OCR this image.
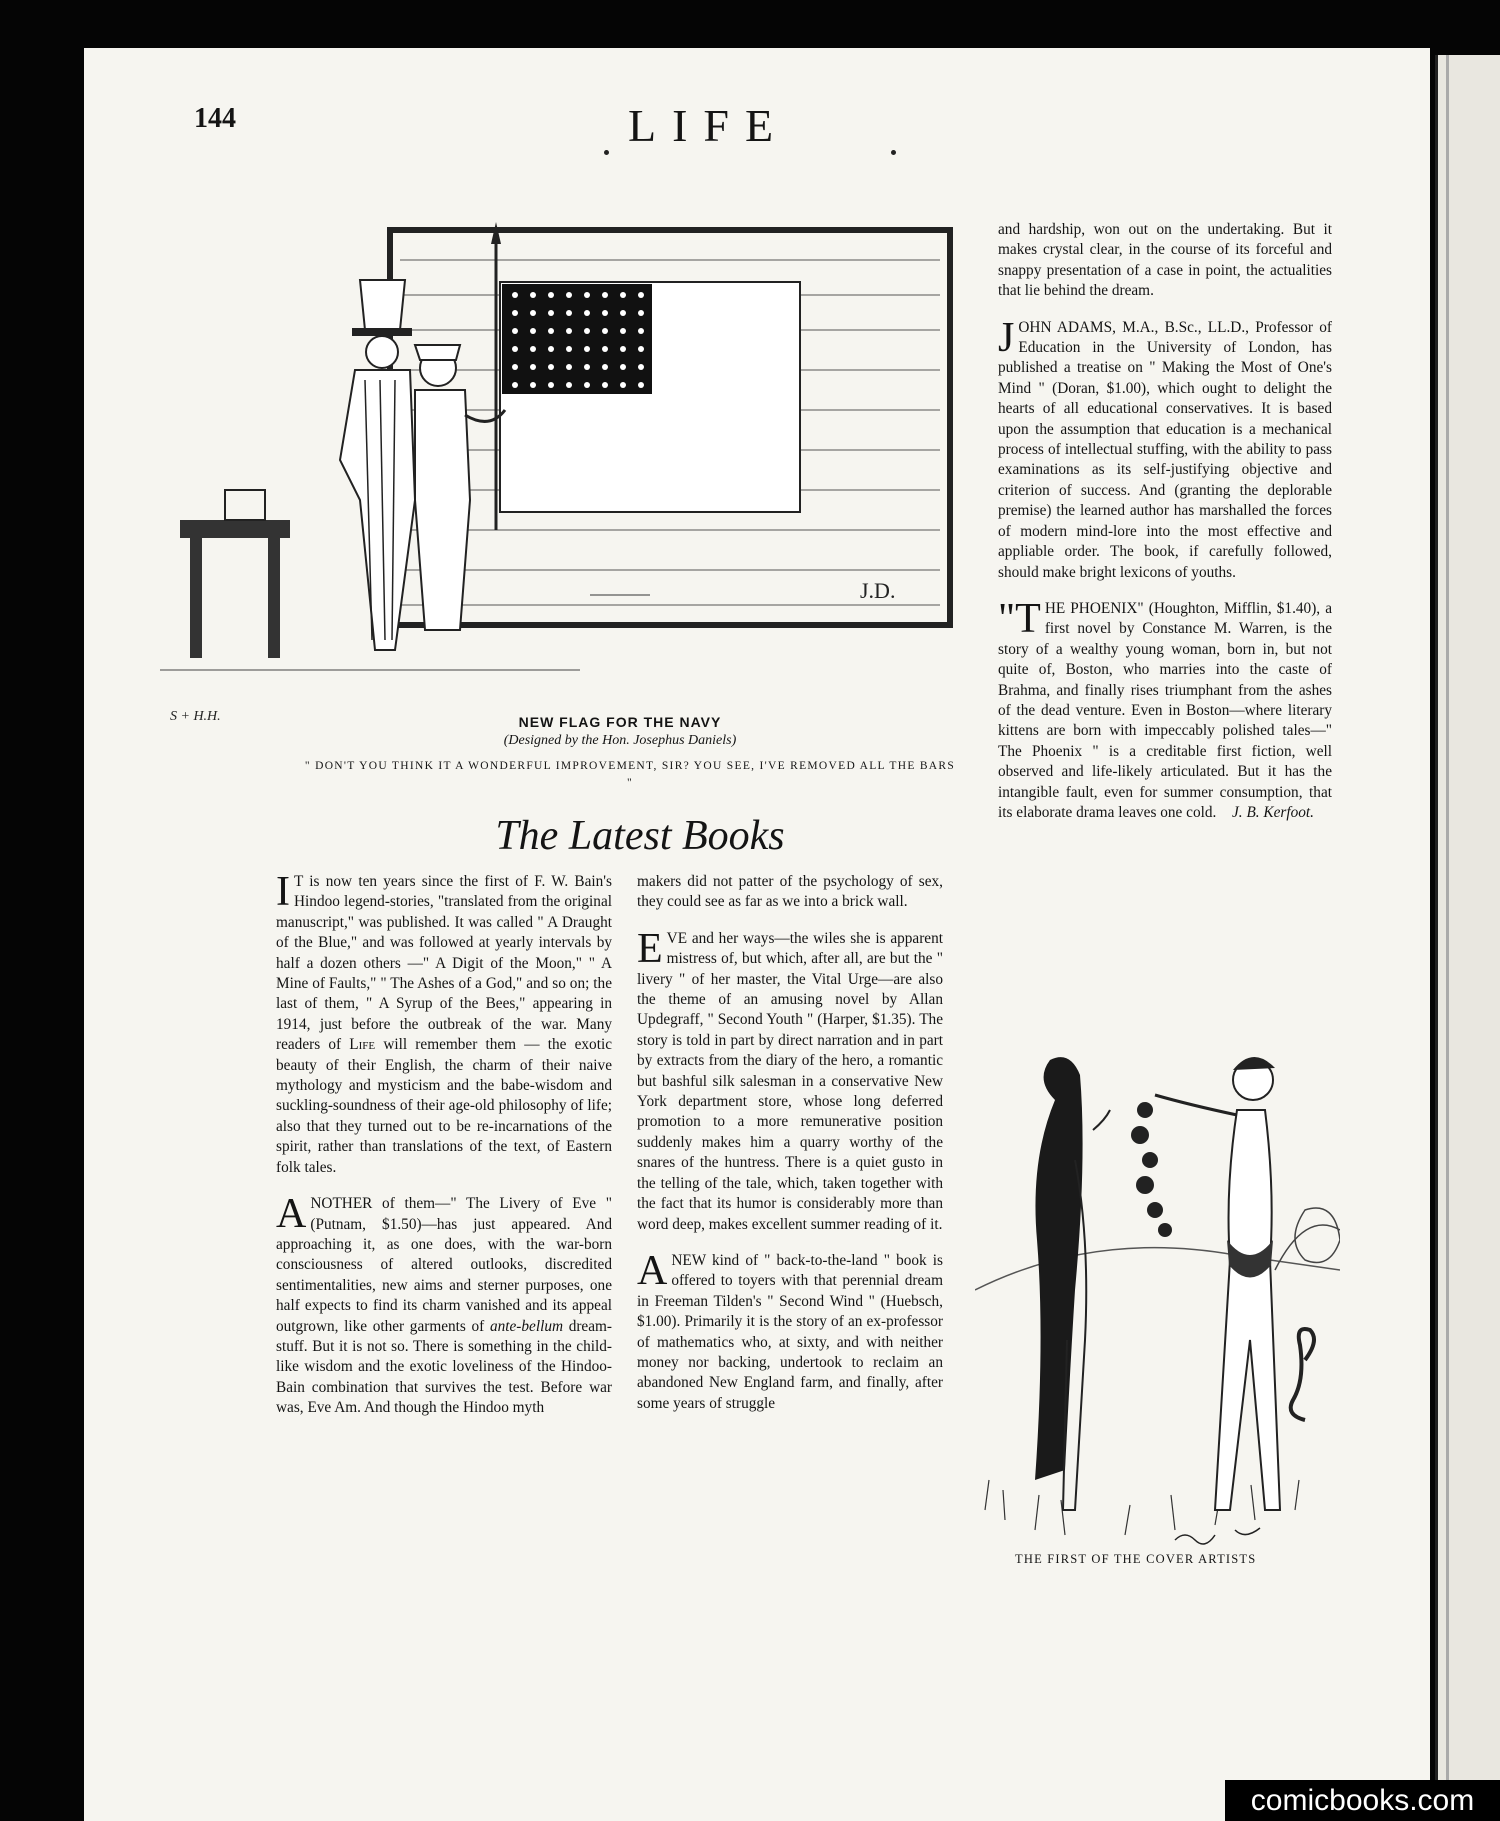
144	LIFE
J.D.
S + H.H.	NEW FLAG FOR THE NAVY
(Designed by the Hon. Josephus Daniels)
" DON'T YOU THINK IT A WONDERFUL IMPROVEMENT, SIR? YOU SEE, I'VE REMOVED ALL THE BARS "
The Latest Books

I T is now ten years since the first of F. W. Bain's Hindoo legend-stories, "translated from the original manuscript," was published. It was called " A Draught of the Blue," and was followed at yearly intervals by half a dozen others —" A Digit of the Moon," " A Mine of Faults," " The Ashes of a God," and so on; the last of them, " A Syrup of the Bees," appearing in 1914, just before the outbreak of the war. Many readers of Life will remember them — the exotic beauty of their English, the charm of their naive mythology and mysticism and the babe-wisdom and suckling-soundness of their age-old philosophy of life; also that they turned out to be re-incarnations of the spirit, rather than translations of the text, of Eastern folk tales.

ANOTHER of them—" The Livery of Eve " (Putnam, $1.50)—has just appeared. And approaching it, as one does, with the war-born consciousness of altered outlooks, discredited sentimentalities, new aims and sterner purposes, one half expects to find its charm vanished and its appeal outgrown, like other garments of ante-bellum dream-stuff. But it is not so. There is something in the child-like wisdom and the exotic loveliness of the Hindoo-Bain combination that survives the test. Before war was, Eve Am. And though the Hindoo myth

makers did not patter of the psychology of sex, they could see as far as we into a brick wall.

EVE and her ways—the wiles she is apparent mistress of, but which, after all, are but the " livery " of her master, the Vital Urge—are also the theme of an amusing novel by Allan Updegraff, " Second Youth " (Harper, $1.35). The story is told in part by direct narration and in part by extracts from the diary of the hero, a romantic but bashful silk salesman in a conservative New York department store, whose long deferred promotion to a more remunerative position suddenly makes him a quarry worthy of the snares of the huntress. There is a quiet gusto in the telling of the tale, which, taken together with the fact that its humor is considerably more than word deep, makes excellent summer reading of it.

ANEW kind of " back-to-the-land " book is offered to toyers with that perennial dream in Freeman Tilden's " Second Wind " (Huebsch, $1.00). Primarily it is the story of an ex-professor of mathematics who, at sixty, and with neither money nor backing, undertook to reclaim an abandoned New England farm, and finally, after some years of struggle

and hardship, won out on the undertaking. But it makes crystal clear, in the course of its forceful and snappy presentation of a case in point, the actualities that lie behind the dream.

JOHN ADAMS, M.A., B.Sc., LL.D., Professor of Education in the University of London, has published a treatise on " Making the Most of One's Mind " (Doran, $1.00), which ought to delight the hearts of all educational conservatives. It is based upon the assumption that education is a mechanical process of intellectual stuffing, with the ability to pass examinations as its self-justifying objective and criterion of success. And (granting the deplorable premise) the learned author has marshalled the forces of modern mind-lore into the most effective and appliable order. The book, if carefully followed, should make bright lexicons of youths.

"THE PHOENIX" (Houghton, Mifflin, $1.40), a first novel by Constance M. Warren, is the story of a wealthy young woman, born in, but not quite of, Boston, who marries into the caste of Brahma, and finally rises triumphant from the ashes of the dead venture. Even in Boston—where literary kittens are born with impeccably polished tales—" The Phoenix " is a creditable first fiction, well observed and life-likely articulated. But it has the intangible fault, even for summer consumption, that its elaborate drama leaves one cold. J. B. Kerfoot.

THE FIRST OF THE COVER ARTISTS
comicbooks.com
